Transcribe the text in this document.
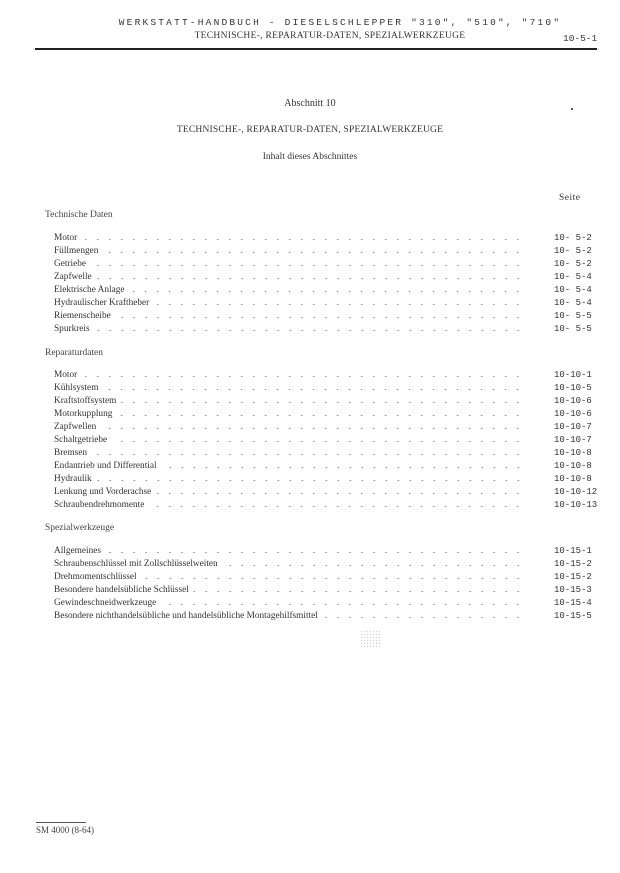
WERKSTATT-HANDBUCH - DIESELSCHLEPPER "310", "510", "710"
TECHNISCHE-, REPARATUR-DATEN, SPEZIALWERKZEUGE	10-5-1
Abschnitt 10
TECHNISCHE-, REPARATUR-DATEN, SPEZIALWERKZEUGE
Inhalt dieses Abschnittes
Seite
Technische Daten
Motor	10- 5-2
Füllmengen	10- 5-2
Getriebe	10- 5-2
Zapfwelle	10- 5-4
Elektrische Anlage	10- 5-4
Hydraulischer Kraftheber	10- 5-4
Riemenscheibe	10- 5-5
Spurkreis	10- 5-5
Reparaturdaten
Motor	10-10-1
Kühlsystem	10-10-5
Kraftstoffsystem	10-10-6
Motorkupplung	10-10-6
Zapfwellen	10-10-7
Schaltgetriebe	10-10-7
Bremsen	10-10-8
Endantrieb und Differential	10-10-8
Hydraulik	10-10-8
Lenkung und Vorderachse	10-10-12
Schraubendrehmomente	10-10-13
Spezialwerkzeuge
Allgemeines	10-15-1
Schraubenschlüssel mit Zollschlüsselweiten	10-15-2
Drehmomentschlüssel	10-15-2
Besondere handelsübliche Schlüssel	10-15-3
Gewindeschneidwerkzeuge	10-15-4
Besondere nichthandelsübliche und handelsübliche Montagehilfsmittel	10-15-5
SM 4000 (8-64)
